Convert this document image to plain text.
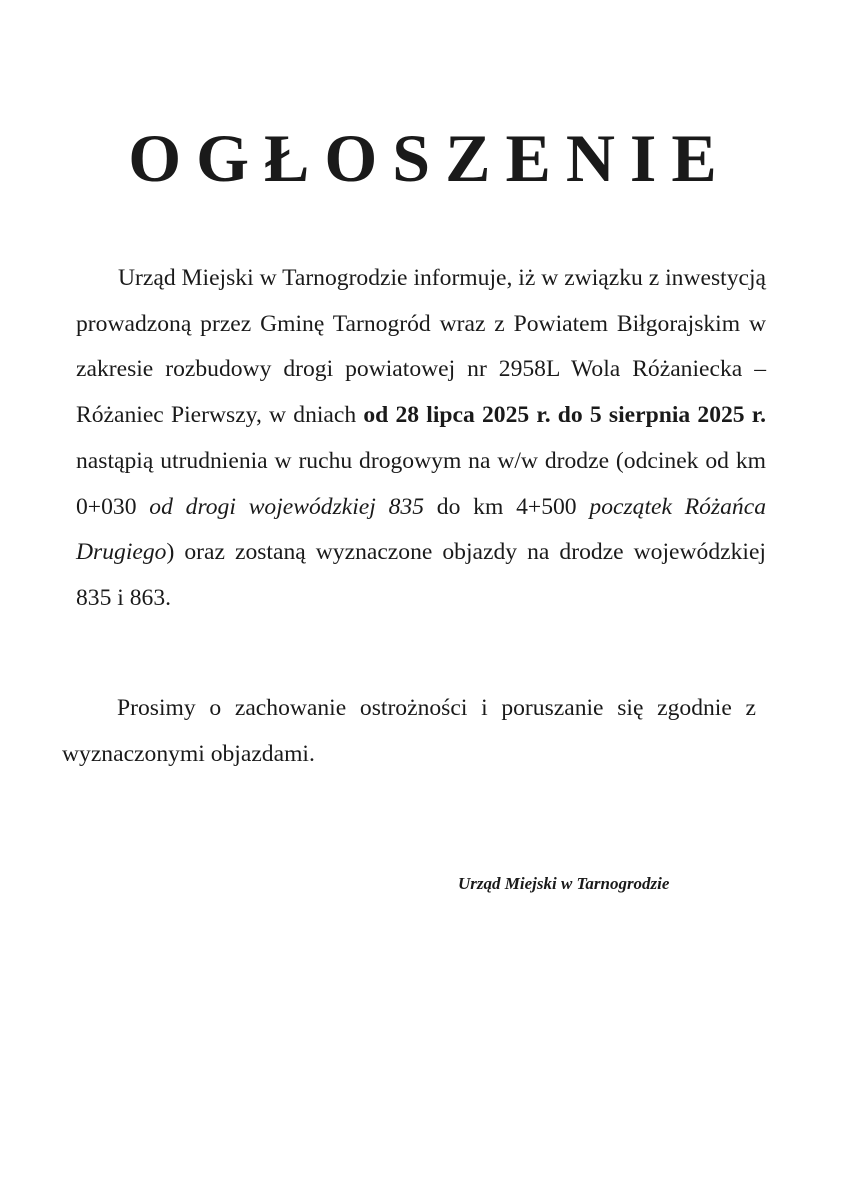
OGŁOSZENIE

Urząd Miejski w Tarnogrodzie informuje, iż w związku z inwestycją prowadzoną przez Gminę Tarnogród wraz z Powiatem Biłgorajskim w zakresie rozbudowy drogi powiatowej nr 2958L Wola Różaniecka – Różaniec Pierwszy, w dniach od 28 lipca 2025 r. do 5 sierpnia 2025 r. nastąpią utrudnienia w ruchu drogowym na w/w drodze (odcinek od km 0+030 od drogi wojewódzkiej 835 do km 4+500 początek Różańca Drugiego) oraz zostaną wyznaczone objazdy na drodze wojewódzkiej 835 i 863.

Prosimy o zachowanie ostrożności i poruszanie się zgodnie z wyznaczonymi objazdami.

Urząd Miejski w Tarnogrodzie
